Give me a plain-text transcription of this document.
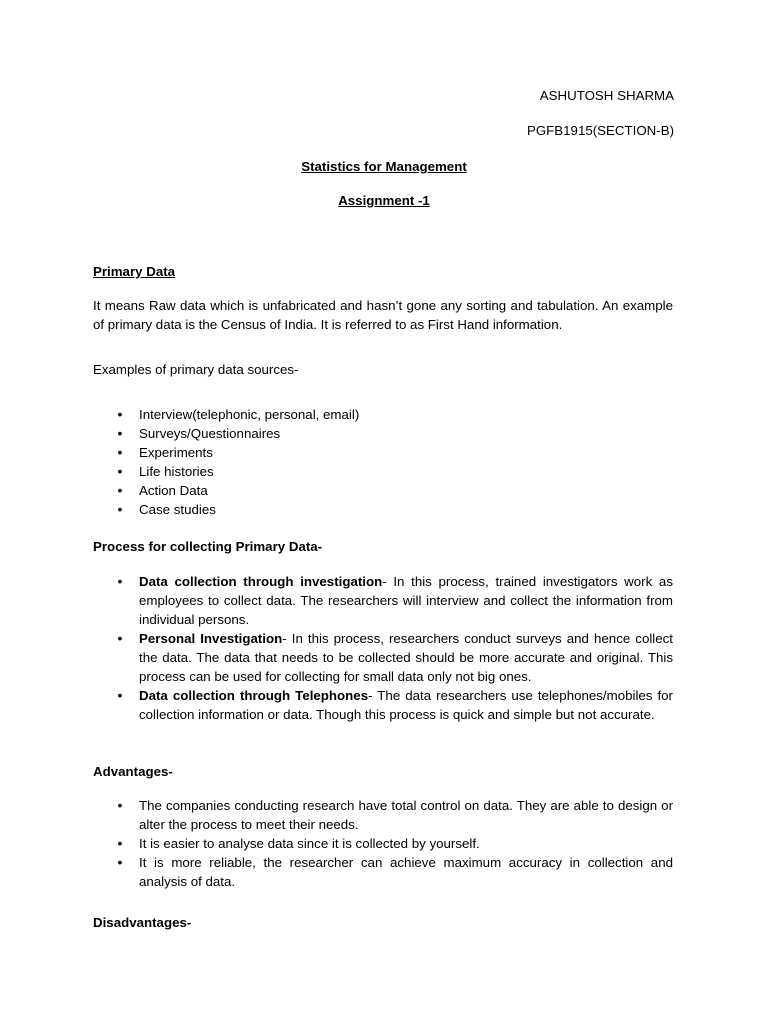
ASHUTOSH SHARMA
PGFB1915(SECTION-B)
Statistics for Management
Assignment -1
Primary Data
It means Raw data which is unfabricated and hasn’t gone any sorting and tabulation. An example of primary data is the Census of India. It is referred to as First Hand information.
Examples of primary data sources-
• Interview(telephonic, personal, email)
• Surveys/Questionnaires
• Experiments
• Life histories
• Action Data
• Case studies
Process for collecting Primary Data-
• Data collection through investigation- In this process, trained investigators work as employees to collect data. The researchers will interview and collect the information from individual persons.
• Personal Investigation- In this process, researchers conduct surveys and hence collect the data. The data that needs to be collected should be more accurate and original. This process can be used for collecting for small data only not big ones.
• Data collection through Telephones- The data researchers use telephones/mobiles for collection information or data. Though this process is quick and simple but not accurate.
Advantages-
• The companies conducting research have total control on data. They are able to design or alter the process to meet their needs.
• It is easier to analyse data since it is collected by yourself.
• It is more reliable, the researcher can achieve maximum accuracy in collection and analysis of data.
Disadvantages-
